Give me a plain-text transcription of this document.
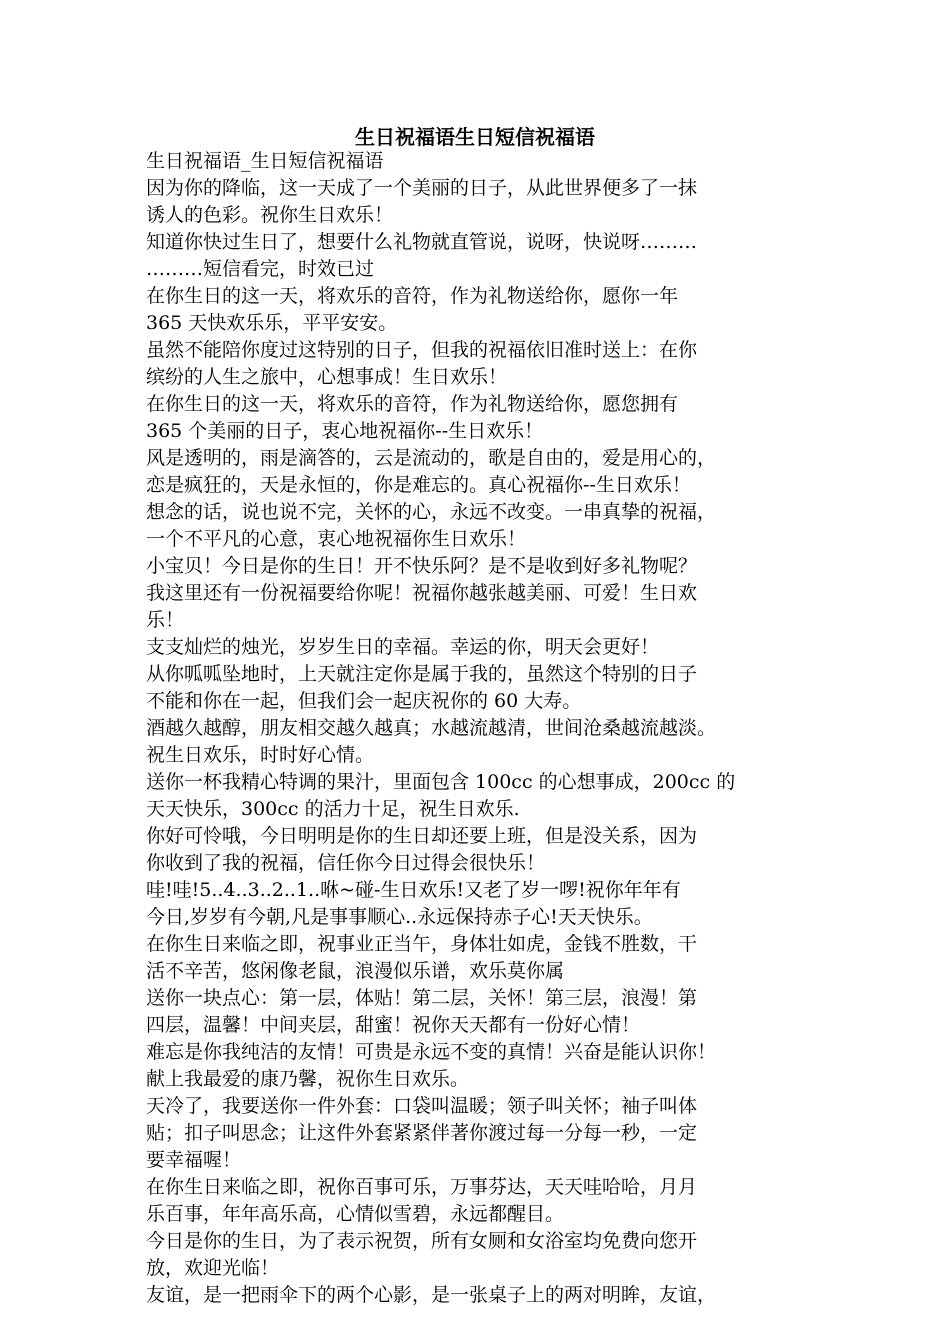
生日祝福语生日短信祝福语
生日祝福语_生日短信祝福语
因为你的降临，这一天成了一个美丽的日子，从此世界便多了一抹
诱人的色彩。祝你生日欢乐！
知道你快过生日了，想要什么礼物就直管说，说呀，快说呀………
………短信看完，时效已过
在你生日的这一天，将欢乐的音符，作为礼物送给你，愿你一年
365 天快欢乐乐，平平安安。
虽然不能陪你度过这特别的日子，但我的祝福依旧准时送上：在你
缤纷的人生之旅中，心想事成！生日欢乐！
在你生日的这一天，将欢乐的音符，作为礼物送给你，愿您拥有
365 个美丽的日子，衷心地祝福你--生日欢乐！
风是透明的，雨是滴答的，云是流动的，歌是自由的，爱是用心的，
恋是疯狂的，天是永恒的，你是难忘的。真心祝福你--生日欢乐！
想念的话，说也说不完，关怀的心，永远不改变。一串真挚的祝福，
一个不平凡的心意，衷心地祝福你生日欢乐！
小宝贝！今日是你的生日！开不快乐阿？是不是收到好多礼物呢？
我这里还有一份祝福要给你呢！祝福你越张越美丽、可爱！生日欢
乐！
支支灿烂的烛光，岁岁生日的幸福。幸运的你，明天会更好！
从你呱呱坠地时，上天就注定你是属于我的，虽然这个特别的日子
不能和你在一起，但我们会一起庆祝你的 60 大寿。
酒越久越醇，朋友相交越久越真；水越流越清，世间沧桑越流越淡。
祝生日欢乐，时时好心情。
送你一杯我精心特调的果汁，里面包含 100cc 的心想事成，200cc 的
天天快乐，300cc 的活力十足，祝生日欢乐.
你好可怜哦，今日明明是你的生日却还要上班，但是没关系，因为
你收到了我的祝福，信任你今日过得会很快乐！
哇!哇!5..4..3..2..1..咻~碰-生日欢乐!又老了岁一啰!祝你年年有
今日,岁岁有今朝,凡是事事顺心..永远保持赤子心!天天快乐。
在你生日来临之即，祝事业正当午，身体壮如虎，金钱不胜数，干
活不辛苦，悠闲像老鼠，浪漫似乐谱，欢乐莫你属
送你一块点心：第一层，体贴！第二层，关怀！第三层，浪漫！第
四层，温馨！中间夹层，甜蜜！祝你天天都有一份好心情！
难忘是你我纯洁的友情！可贵是永远不变的真情！兴奋是能认识你！
献上我最爱的康乃馨，祝你生日欢乐。
天冷了，我要送你一件外套：口袋叫温暖；领子叫关怀；袖子叫体
贴；扣子叫思念；让这件外套紧紧伴著你渡过每一分每一秒，一定
要幸福喔！
在你生日来临之即，祝你百事可乐，万事芬达，天天哇哈哈，月月
乐百事，年年高乐高，心情似雪碧，永远都醒目。
今日是你的生日，为了表示祝贺，所有女厕和女浴室均免费向您开
放，欢迎光临！
友谊，是一把雨伞下的两个心影，是一张桌子上的两对明眸，友谊，
